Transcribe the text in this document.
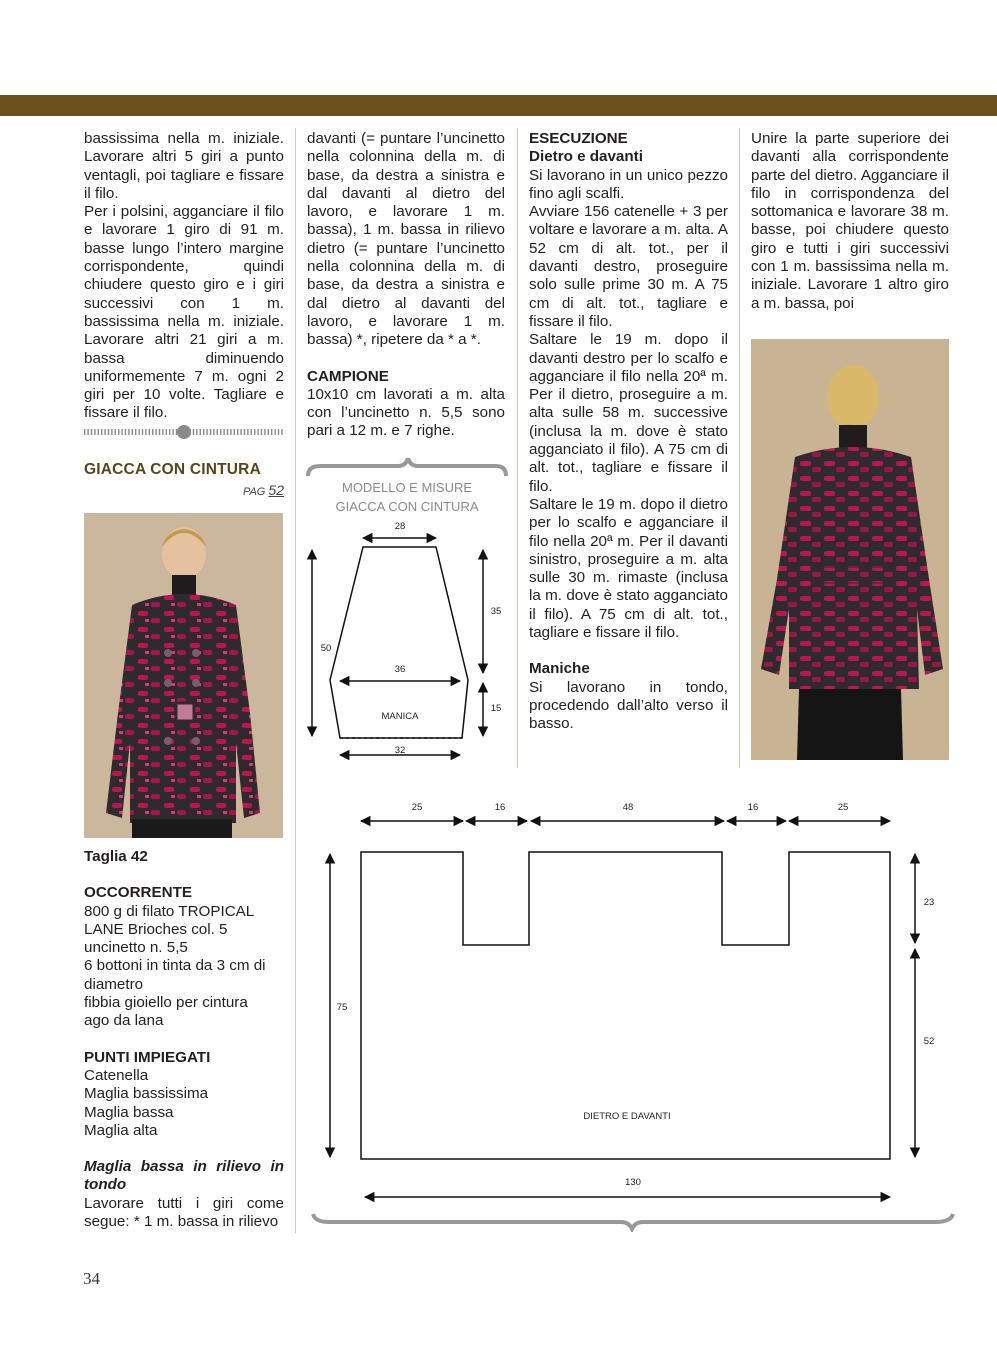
bassissima nella m. iniziale. Lavorare altri 5 giri a punto ventagli, poi tagliare e fissare il filo.

Per i polsini, agganciare il filo e lavorare 1 giro di 91 m. basse lungo l’intero margine corrispondente, quindi chiudere questo giro e i giri successivi con 1 m. bassissima nella m. iniziale. Lavorare altri 21 giri a m. bassa diminuendo uniformemente 7 m. ogni 2 giri per 10 volte. Tagliare e fissare il filo.

GIACCA CON CINTURA
PAG 52

Taglia 42

OCCORRENTE

800 g di filato TROPICAL LANE Brioches col. 5
uncinetto n. 5,5
6 bottoni in tinta da 3 cm di diametro
fibbia gioiello per cintura
ago da lana

PUNTI IMPIEGATI

Catenella
Maglia bassissima
Maglia bassa
Maglia alta

Maglia bassa in rilievo in tondo

Lavorare tutti i giri come segue: * 1 m. bassa in rilievo

davanti (= puntare l’uncinetto nella colonnina della m. di base, da destra a sinistra e dal davanti al dietro del lavoro, e lavorare 1 m. bassa), 1 m. bassa in rilievo dietro (= puntare l’uncinetto nella colonnina della m. di base, da destra a sinistra e dal dietro al davanti del lavoro, e lavorare 1 m. bassa) *, ripetere da * a *.

CAMPIONE

10x10 cm lavorati a m. alta con l’uncinetto n. 5,5 sono pari a 12 m. e 7 righe.

MODELLO E MISURE
GIACCA CON CINTURA
28
35
15
50
36
MANICA
32

ESECUZIONE

Dietro e davanti

Si lavorano in un unico pezzo fino agli scalfi.

Avviare 156 catenelle + 3 per voltare e lavorare a m. alta. A 52 cm di alt. tot., per il davanti destro, proseguire solo sulle prime 30 m. A 75 cm di alt. tot., tagliare e fissare il filo.

Saltare le 19 m. dopo il davanti destro per lo scalfo e agganciare il filo nella 20ª m. Per il dietro, proseguire a m. alta sulle 58 m. successive (inclusa la m. dove è stato agganciato il filo). A 75 cm di alt. tot., tagliare e fissare il filo.

Saltare le 19 m. dopo il dietro per lo scalfo e agganciare il filo nella 20ª m. Per il davanti sinistro, proseguire a m. alta sulle 30 m. rimaste (inclusa la m. dove è stato agganciato il filo). A 75 cm di alt. tot., tagliare e fissare il filo.

Maniche

Si lavorano in tondo, procedendo dall’alto verso il basso.

Unire la parte superiore dei davanti alla corrispondente parte del dietro. Agganciare il filo in corrispondenza del sottomanica e lavorare 38 m. basse, poi chiudere questo giro e tutti i giri successivi con 1 m. bassissima nella m. iniziale. Lavorare 1 altro giro a m. bassa, poi

25	16	48	16	25
75
23
52
DIETRO E DAVANTI
130
34
